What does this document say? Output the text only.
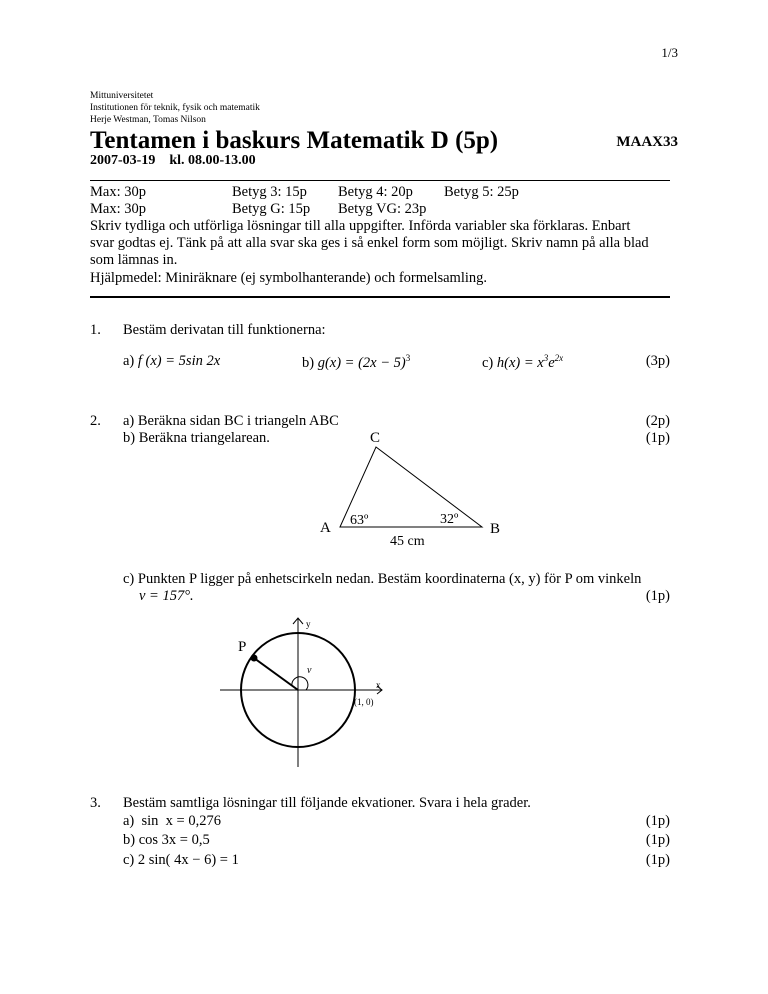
1/3
Mittuniversitetet
Institutionen för teknik, fysik och matematik
Herje Westman, Tomas Nilson
Tentamen i baskurs Matematik D (5p)	MAAX33
2007-03-19    kl. 08.00-13.00
Max: 30p	Betyg 3: 15p Betyg 4: 20p Betyg 5: 25p
Max: 30p	Betyg G: 15p Betyg VG: 23p
Skriv tydliga och utförliga lösningar till alla uppgifter. Införda variabler ska förklaras. Enbart
svar godtas ej. Tänk på att alla svar ska ges i så enkel form som möjligt. Skriv namn på alla blad
som lämnas in.
Hjälpmedel: Miniräknare (ej symbolhanterande) och formelsamling.
1. Bestäm derivatan till funktionerna:
a) f (x) = 5sin 2x	b) $g(x) = (2x - 5)^3$	c) $h(x) = x^3e^{2x}$	(3p)
2. a) Beräkna sidan BC i triangeln ABC
b) Beräkna triangelarean.
(2p)
(1p)
C
A	B
63º	32º
45 cm
c) Punkten P ligger på enhetscirkeln nedan. Bestäm koordinaterna (x, y) för P om vinkeln
v = 157°.	(1p)
P
y
x
v
(1, 0)
3. Bestäm samtliga lösningar till följande ekvationer. Svara i hela grader.
a)  sin  x = 0,276
b) cos 3x = 0,5
c) 2 sin( 4x − 6) = 1
(1p)
(1p)
(1p)
